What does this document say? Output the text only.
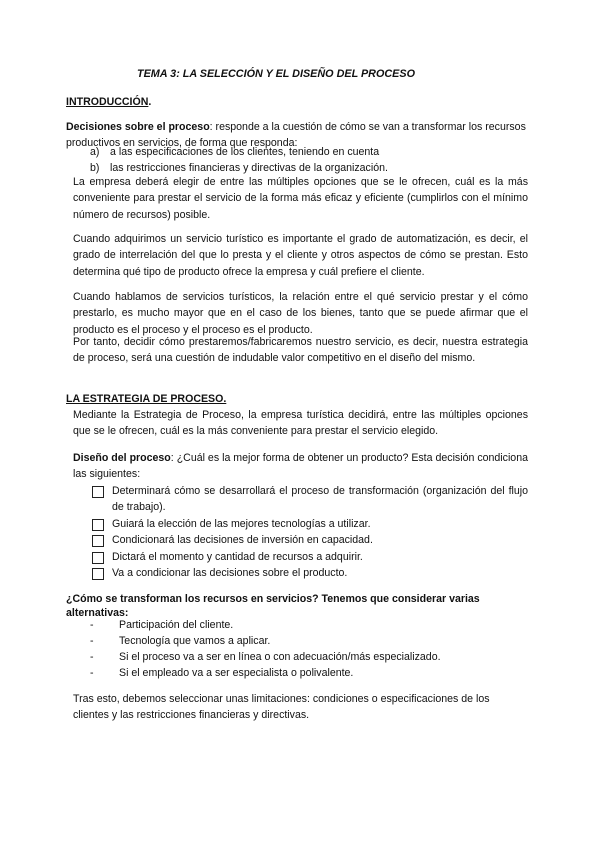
TEMA 3: LA SELECCIÓN Y EL DISEÑO DEL PROCESO
INTRODUCCIÓN.

Decisiones sobre el proceso: responde a la cuestión de cómo se van a transformar los recursos productivos en servicios, de forma que responda:

a) a las especificaciones de los clientes, teniendo en cuenta
b) las restricciones financieras y directivas de la organización.

La empresa deberá elegir de entre las múltiples opciones que se le ofrecen, cuál es la más conveniente para prestar el servicio de la forma más eficaz y eficiente (cumplirlos con el mínimo número de recursos) posible.

Cuando adquirimos un servicio turístico es importante el grado de automatización, es decir, el grado de interrelación del que lo presta y el cliente y otros aspectos de cómo se prestan. Esto determina qué tipo de producto ofrece la empresa y cuál prefiere el cliente.

Cuando hablamos de servicios turísticos, la relación entre el qué servicio prestar y el cómo prestarlo, es mucho mayor que en el caso de los bienes, tanto que se puede afirmar que el producto es el proceso y el proceso es el producto.

Por tanto, decidir cómo prestaremos/fabricaremos nuestro servicio, es decir, nuestra estrategia de proceso, será una cuestión de indudable valor competitivo en el diseño del mismo.

LA ESTRATEGIA DE PROCESO.

Mediante la Estrategia de Proceso, la empresa turística decidirá, entre las múltiples opciones que se le ofrecen, cuál es la más conveniente para prestar el servicio elegido.

Diseño del proceso: ¿Cuál es la mejor forma de obtener un producto? Esta decisión condiciona las siguientes:

Determinará cómo se desarrollará el proceso de transformación (organización del flujo de trabajo).
Guiará la elección de las mejores tecnologías a utilizar.
Condicionará las decisiones de inversión en capacidad.
Dictará el momento y cantidad de recursos a adquirir.
Va a condicionar las decisiones sobre el producto.

¿Cómo se transforman los recursos en servicios? Tenemos que considerar varias alternativas:

-	Participación del cliente.
-	Tecnología que vamos a aplicar.
-	Si el proceso va a ser en línea o con adecuación/más especializado.
-	Si el empleado va a ser especialista o polivalente.

Tras esto, debemos seleccionar unas limitaciones: condiciones o especificaciones de los clientes y las restricciones financieras y directivas.
